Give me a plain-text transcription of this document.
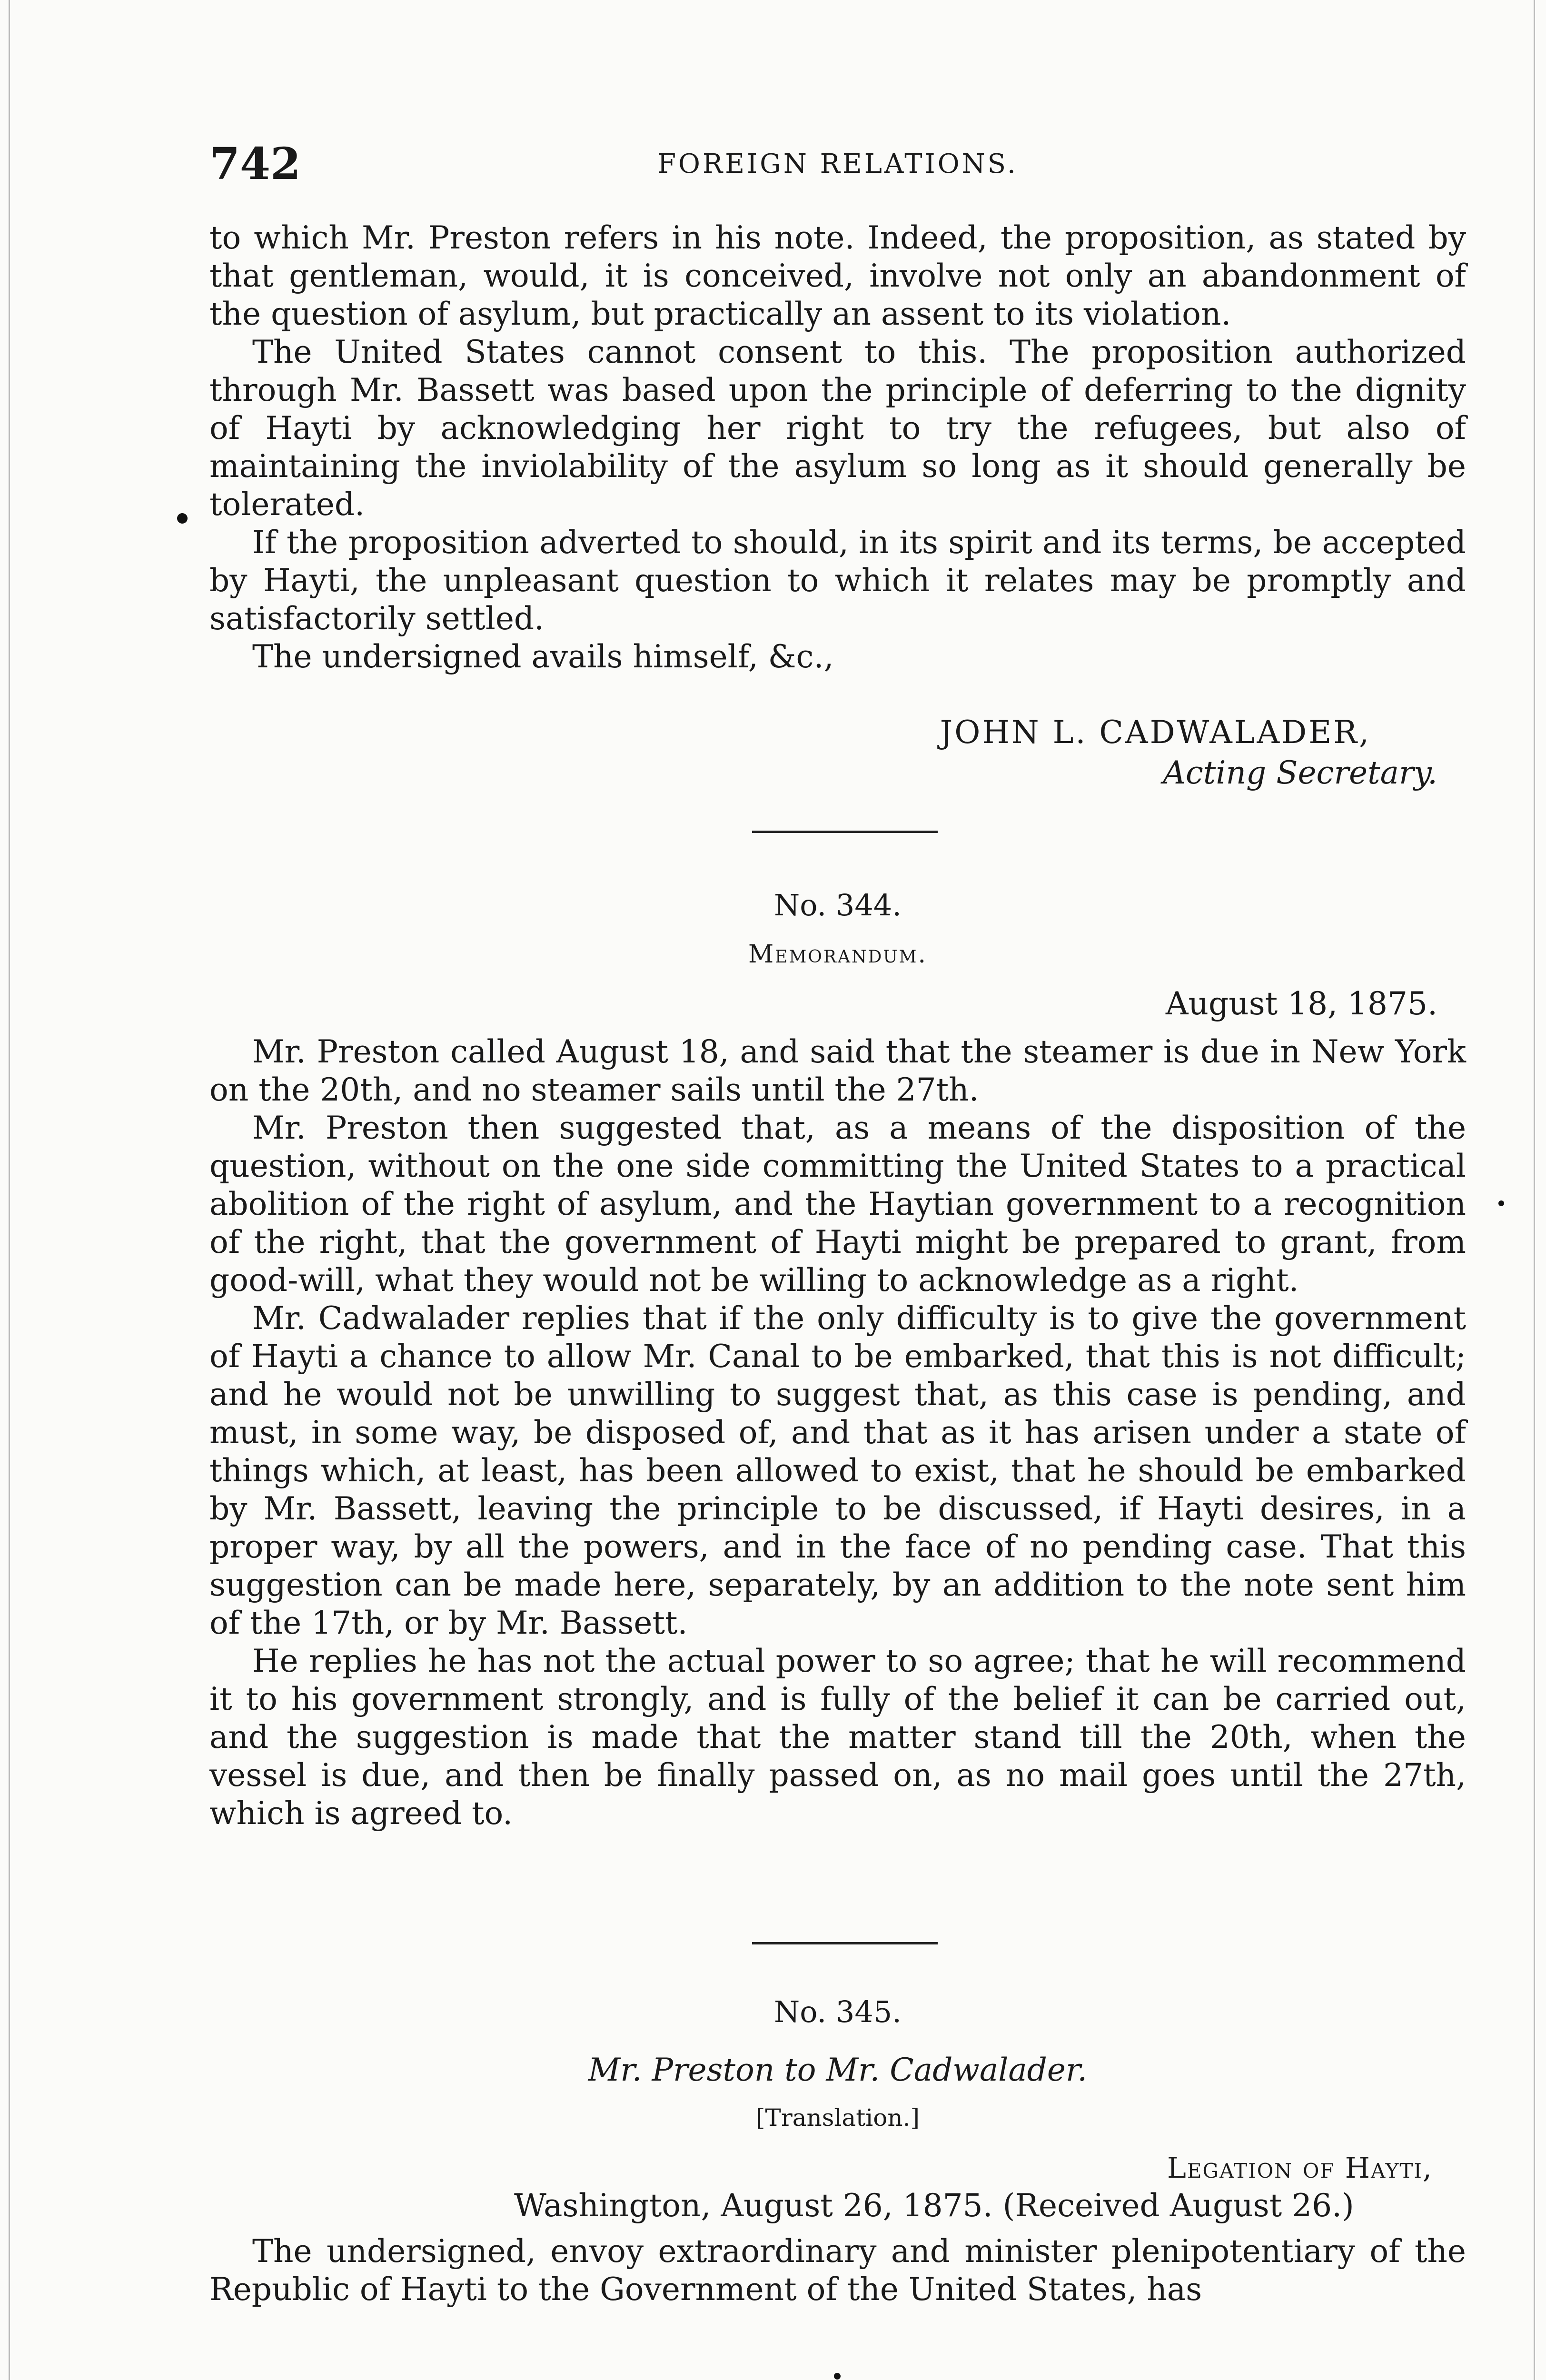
742	FOREIGN RELATIONS.

to which Mr. Preston refers in his note. Indeed, the proposition, as stated by that gentleman, would, it is conceived, involve not only an abandonment of the question of asylum, but practically an assent to its violation.

The United States cannot consent to this. The proposition authorized through Mr. Bassett was based upon the principle of deferring to the dignity of Hayti by acknowledging her right to try the refugees, but also of maintaining the inviolability of the asylum so long as it should generally be tolerated.

If the proposition adverted to should, in its spirit and its terms, be accepted by Hayti, the unpleasant question to which it relates may be promptly and satisfactorily settled.

The undersigned avails himself, &c.,

JOHN L. CADWALADER,
Acting Secretary.
No. 344.
Memorandum.
August 18, 1875.

Mr. Preston called August 18, and said that the steamer is due in New York on the 20th, and no steamer sails until the 27th.

Mr. Preston then suggested that, as a means of the disposition of the question, without on the one side committing the United States to a practical abolition of the right of asylum, and the Haytian government to a recognition of the right, that the government of Hayti might be prepared to grant, from good-will, what they would not be willing to acknowledge as a right.

Mr. Cadwalader replies that if the only difficulty is to give the government of Hayti a chance to allow Mr. Canal to be embarked, that this is not difficult; and he would not be unwilling to suggest that, as this case is pending, and must, in some way, be disposed of, and that as it has arisen under a state of things which, at least, has been allowed to exist, that he should be embarked by Mr. Bassett, leaving the principle to be discussed, if Hayti desires, in a proper way, by all the powers, and in the face of no pending case. That this suggestion can be made here, separately, by an addition to the note sent him of the 17th, or by Mr. Bassett.

He replies he has not the actual power to so agree; that he will recommend it to his government strongly, and is fully of the belief it can be carried out, and the suggestion is made that the matter stand till the 20th, when the vessel is due, and then be finally passed on, as no mail goes until the 27th, which is agreed to.

No. 345.
Mr. Preston to Mr. Cadwalader.
[Translation.]
Legation of Hayti,
Washington, August 26, 1875. (Received August 26.)

The undersigned, envoy extraordinary and minister plenipotentiary of the Republic of Hayti to the Government of the United States, has
